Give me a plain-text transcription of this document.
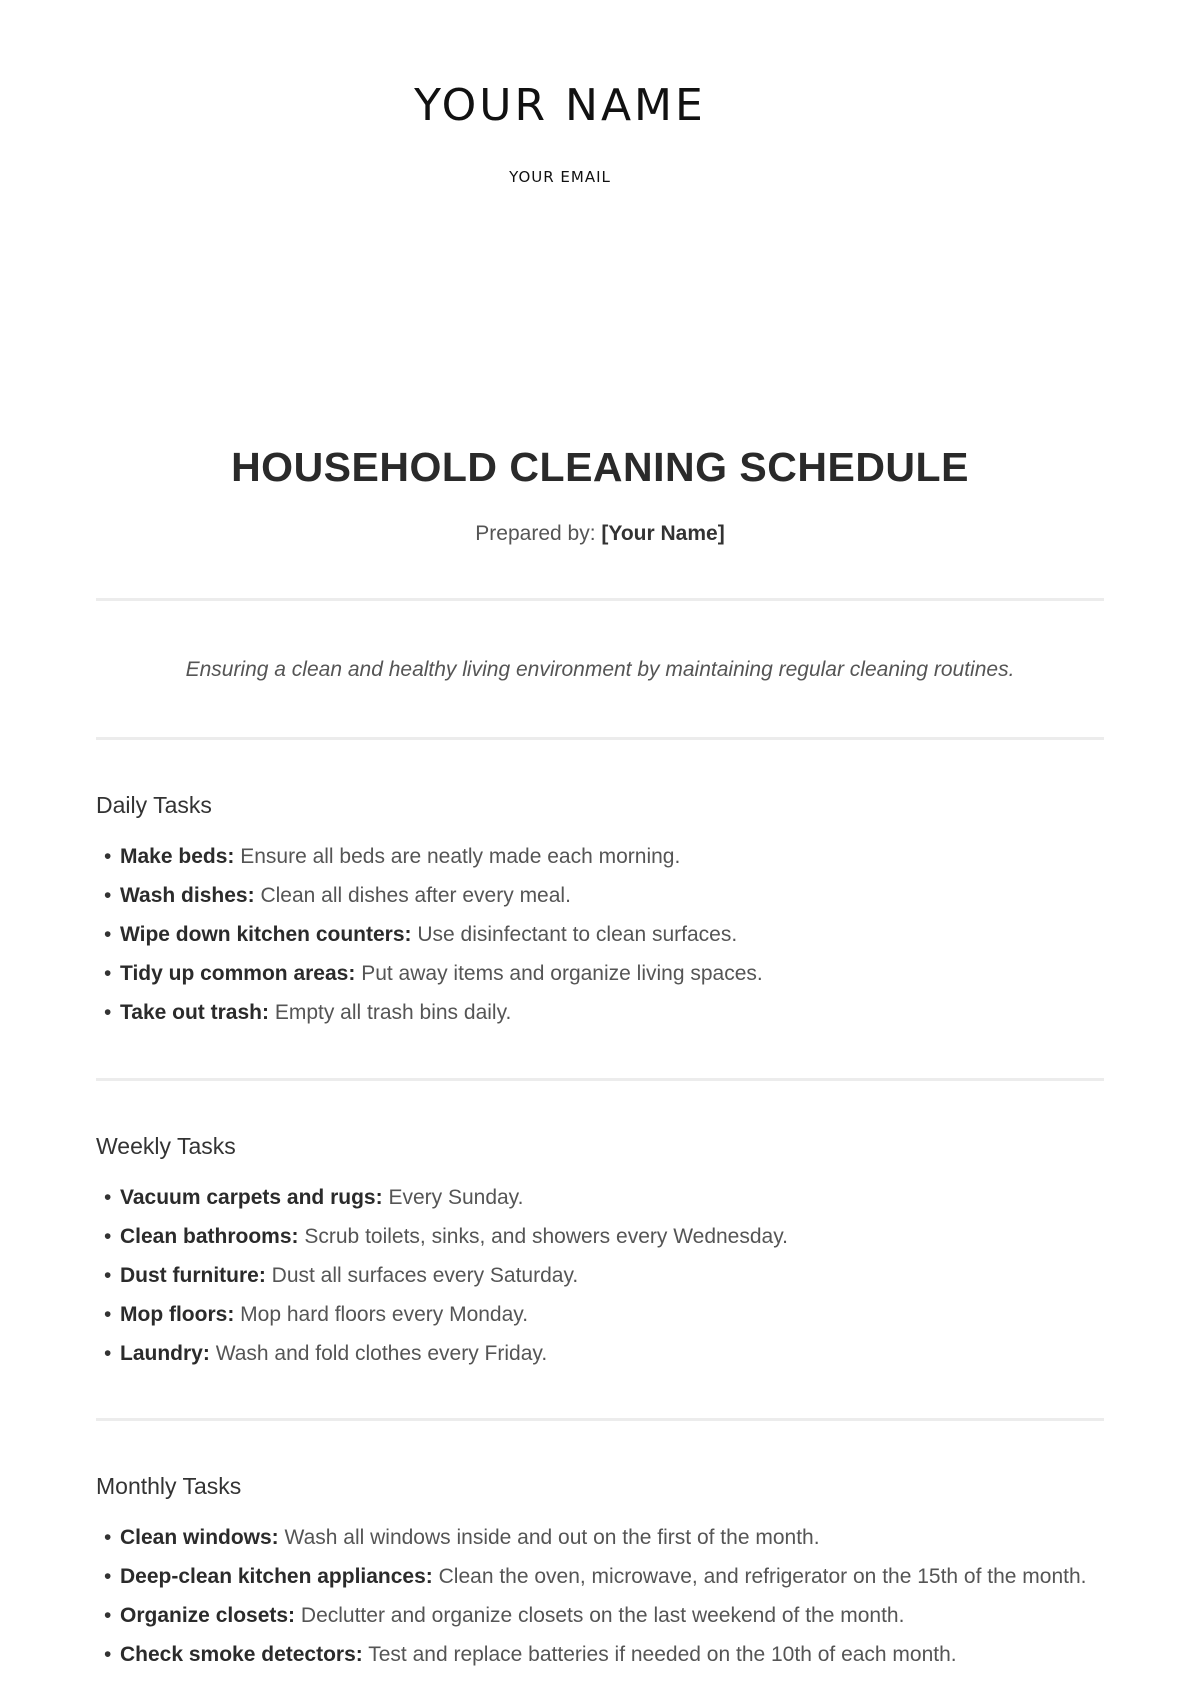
YOUR NAME
YOUR EMAIL
HOUSEHOLD CLEANING SCHEDULE
Prepared by: [Your Name]
Ensuring a clean and healthy living environment by maintaining regular cleaning routines.
Daily Tasks
• Make beds: Ensure all beds are neatly made each morning.
• Wash dishes: Clean all dishes after every meal.
• Wipe down kitchen counters: Use disinfectant to clean surfaces.
• Tidy up common areas: Put away items and organize living spaces.
• Take out trash: Empty all trash bins daily.
Weekly Tasks
• Vacuum carpets and rugs: Every Sunday.
• Clean bathrooms: Scrub toilets, sinks, and showers every Wednesday.
• Dust furniture: Dust all surfaces every Saturday.
• Mop floors: Mop hard floors every Monday.
• Laundry: Wash and fold clothes every Friday.
Monthly Tasks
• Clean windows: Wash all windows inside and out on the first of the month.
• Deep-clean kitchen appliances: Clean the oven, microwave, and refrigerator on the 15th of the month.
• Organize closets: Declutter and organize closets on the last weekend of the month.
• Check smoke detectors: Test and replace batteries if needed on the 10th of each month.
